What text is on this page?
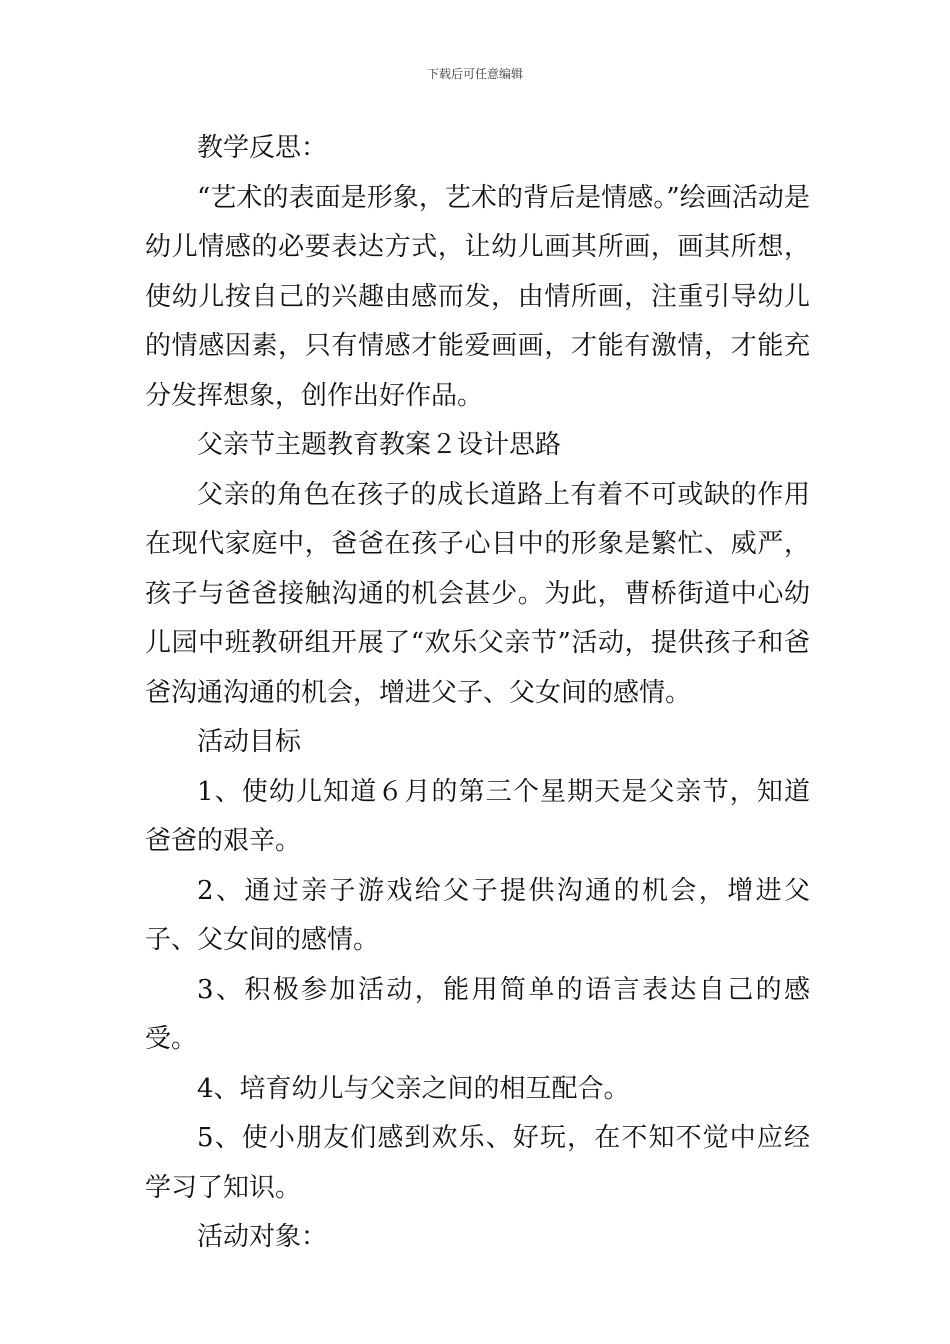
下载后可任意编辑

教学反思：

“艺术的表面是形象，艺术的背后是情感。”绘画活动是幼儿情感的必要表达方式，让幼儿画其所画，画其所想，使幼儿按自己的兴趣由感而发，由情所画，注重引导幼儿的情感因素，只有情感才能爱画画，才能有激情，才能充分发挥想象，创作出好作品。

父亲节主题教育教案２设计思路

父亲的角色在孩子的成长道路上有着不可或缺的作用在现代家庭中，爸爸在孩子心目中的形象是繁忙、威严，孩子与爸爸接触沟通的机会甚少。为此，曹桥街道中心幼儿园中班教研组开展了“欢乐父亲节”活动，提供孩子和爸爸沟通沟通的机会，增进父子、父女间的感情。

活动目标

1、使幼儿知道６月的第三个星期天是父亲节，知道爸爸的艰辛。

2、通过亲子游戏给父子提供沟通的机会，增进父子、父女间的感情。

3、积极参加活动，能用简单的语言表达自己的感受。

4、培育幼儿与父亲之间的相互配合。

5、使小朋友们感到欢乐、好玩，在不知不觉中应经学习了知识。

活动对象：
